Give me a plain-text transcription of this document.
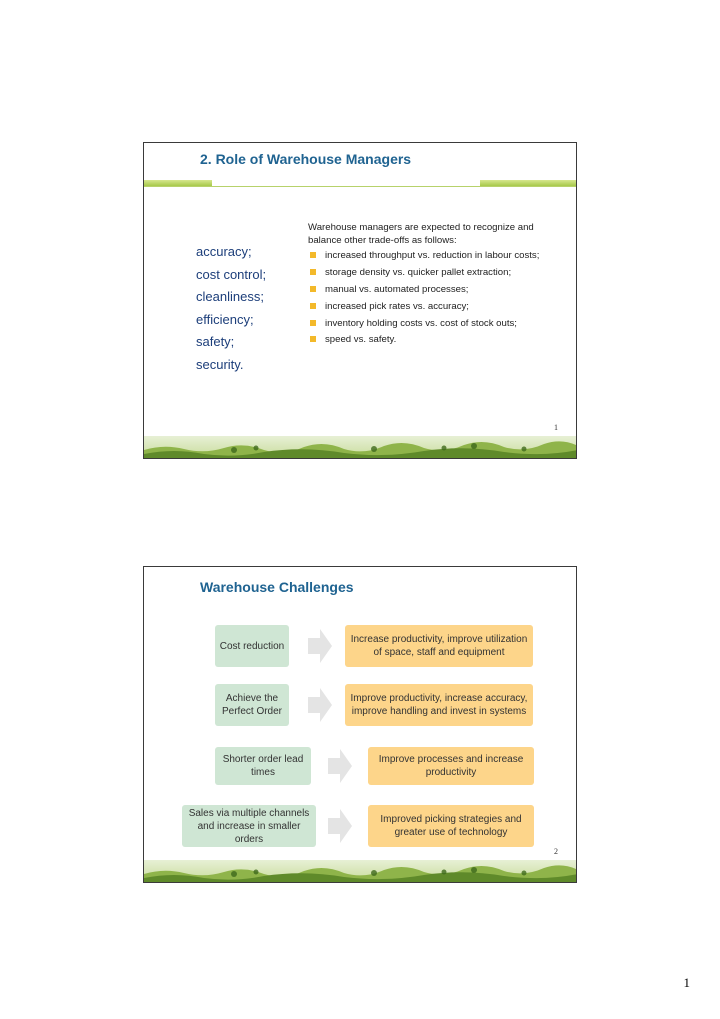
2. Role of Warehouse Managers
accuracy;
cost control;
cleanliness;
efficiency;
safety;
security.

Warehouse managers are expected to recognize and balance other trade-offs as follows:

increased throughput vs. reduction in labour costs;
storage density vs. quicker pallet extraction;
manual vs. automated processes;
increased pick rates vs. accuracy;
inventory holding costs vs. cost of stock outs;
speed vs. safety.
1
Warehouse Challenges
Cost reduction
Increase productivity, improve utilization of space, staff and equipment
Achieve the Perfect Order
Improve productivity, increase accuracy, improve handling and invest in systems
Shorter order lead times
Improve processes and increase productivity
Sales via multiple channels and increase in smaller orders
Improved picking strategies and greater use of technology
2
1
